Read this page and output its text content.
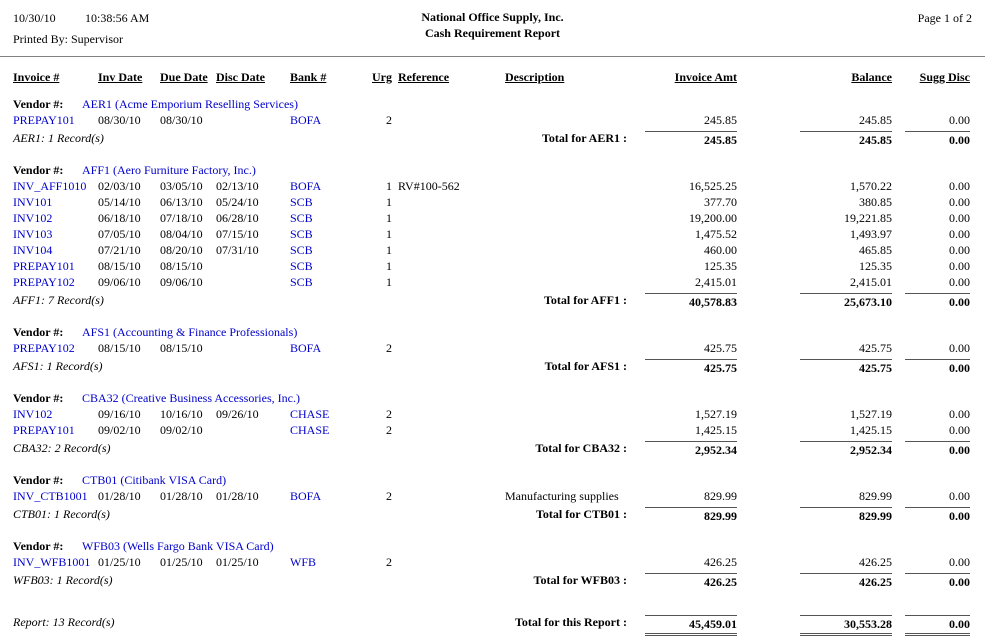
10/30/10 10:38:56 AM
Printed By: Supervisor
National Office Supply, Inc.
Cash Requirement Report
Page 1 of 2
Invoice #	Inv Date Due Date Disc Date Bank #	Urg Reference	Description	Invoice Amt	Balance	Sugg Disc
Vendor #: AER1 (Acme Emporium Reselling Services)
PREPAY101 08/30/10 08/30/10	BOFA	2	245.85	245.85	0.00
AER1: 1 Record(s)	Total for AER1 :	245.85	245.85	0.00
Vendor #: AFF1 (Aero Furniture Factory, Inc.)
INV_AFF1010 02/03/10 03/05/10 02/13/10	BOFA	1 RV#100-562	16,525.25	1,570.22	0.00
INV101	05/14/10 06/13/10 05/24/10	SCB	1	377.70	380.85	0.00
INV102	06/18/10 07/18/10 06/28/10	SCB	1	19,200.00	19,221.85	0.00
INV103	07/05/10 08/04/10 07/15/10	SCB	1	1,475.52	1,493.97	0.00
INV104	07/21/10 08/20/10 07/31/10	SCB	1	460.00	465.85	0.00
PREPAY101 08/15/10 08/15/10	SCB	1	125.35	125.35	0.00
PREPAY102 09/06/10 09/06/10	SCB	1	2,415.01	2,415.01	0.00
AFF1: 7 Record(s)	Total for AFF1 :	40,578.83	25,673.10	0.00
Vendor #: AFS1 (Accounting & Finance Professionals)
PREPAY102 08/15/10 08/15/10	BOFA	2	425.75	425.75	0.00
AFS1: 1 Record(s)	Total for AFS1 :	425.75	425.75	0.00
Vendor #: CBA32 (Creative Business Accessories, Inc.)
INV102	09/16/10 10/16/10 09/26/10	CHASE	2	1,527.19	1,527.19	0.00
PREPAY101 09/02/10 09/02/10	CHASE	2	1,425.15	1,425.15	0.00
CBA32: 2 Record(s)	Total for CBA32 :	2,952.34	2,952.34	0.00
Vendor #: CTB01 (Citibank VISA Card)
INV_CTB1001 01/28/10 01/28/10 01/28/10	BOFA	2	Manufacturing supplies	829.99	829.99	0.00
CTB01: 1 Record(s)	Total for CTB01 :	829.99	829.99	0.00
Vendor #: WFB03 (Wells Fargo Bank VISA Card)
INV_WFB1001 01/25/10 01/25/10 01/25/10	WFB	2	426.25	426.25	0.00
WFB03: 1 Record(s)	Total for WFB03 :	426.25	426.25	0.00
Report: 13 Record(s)	Total for this Report :	45,459.01	30,553.28	0.00
